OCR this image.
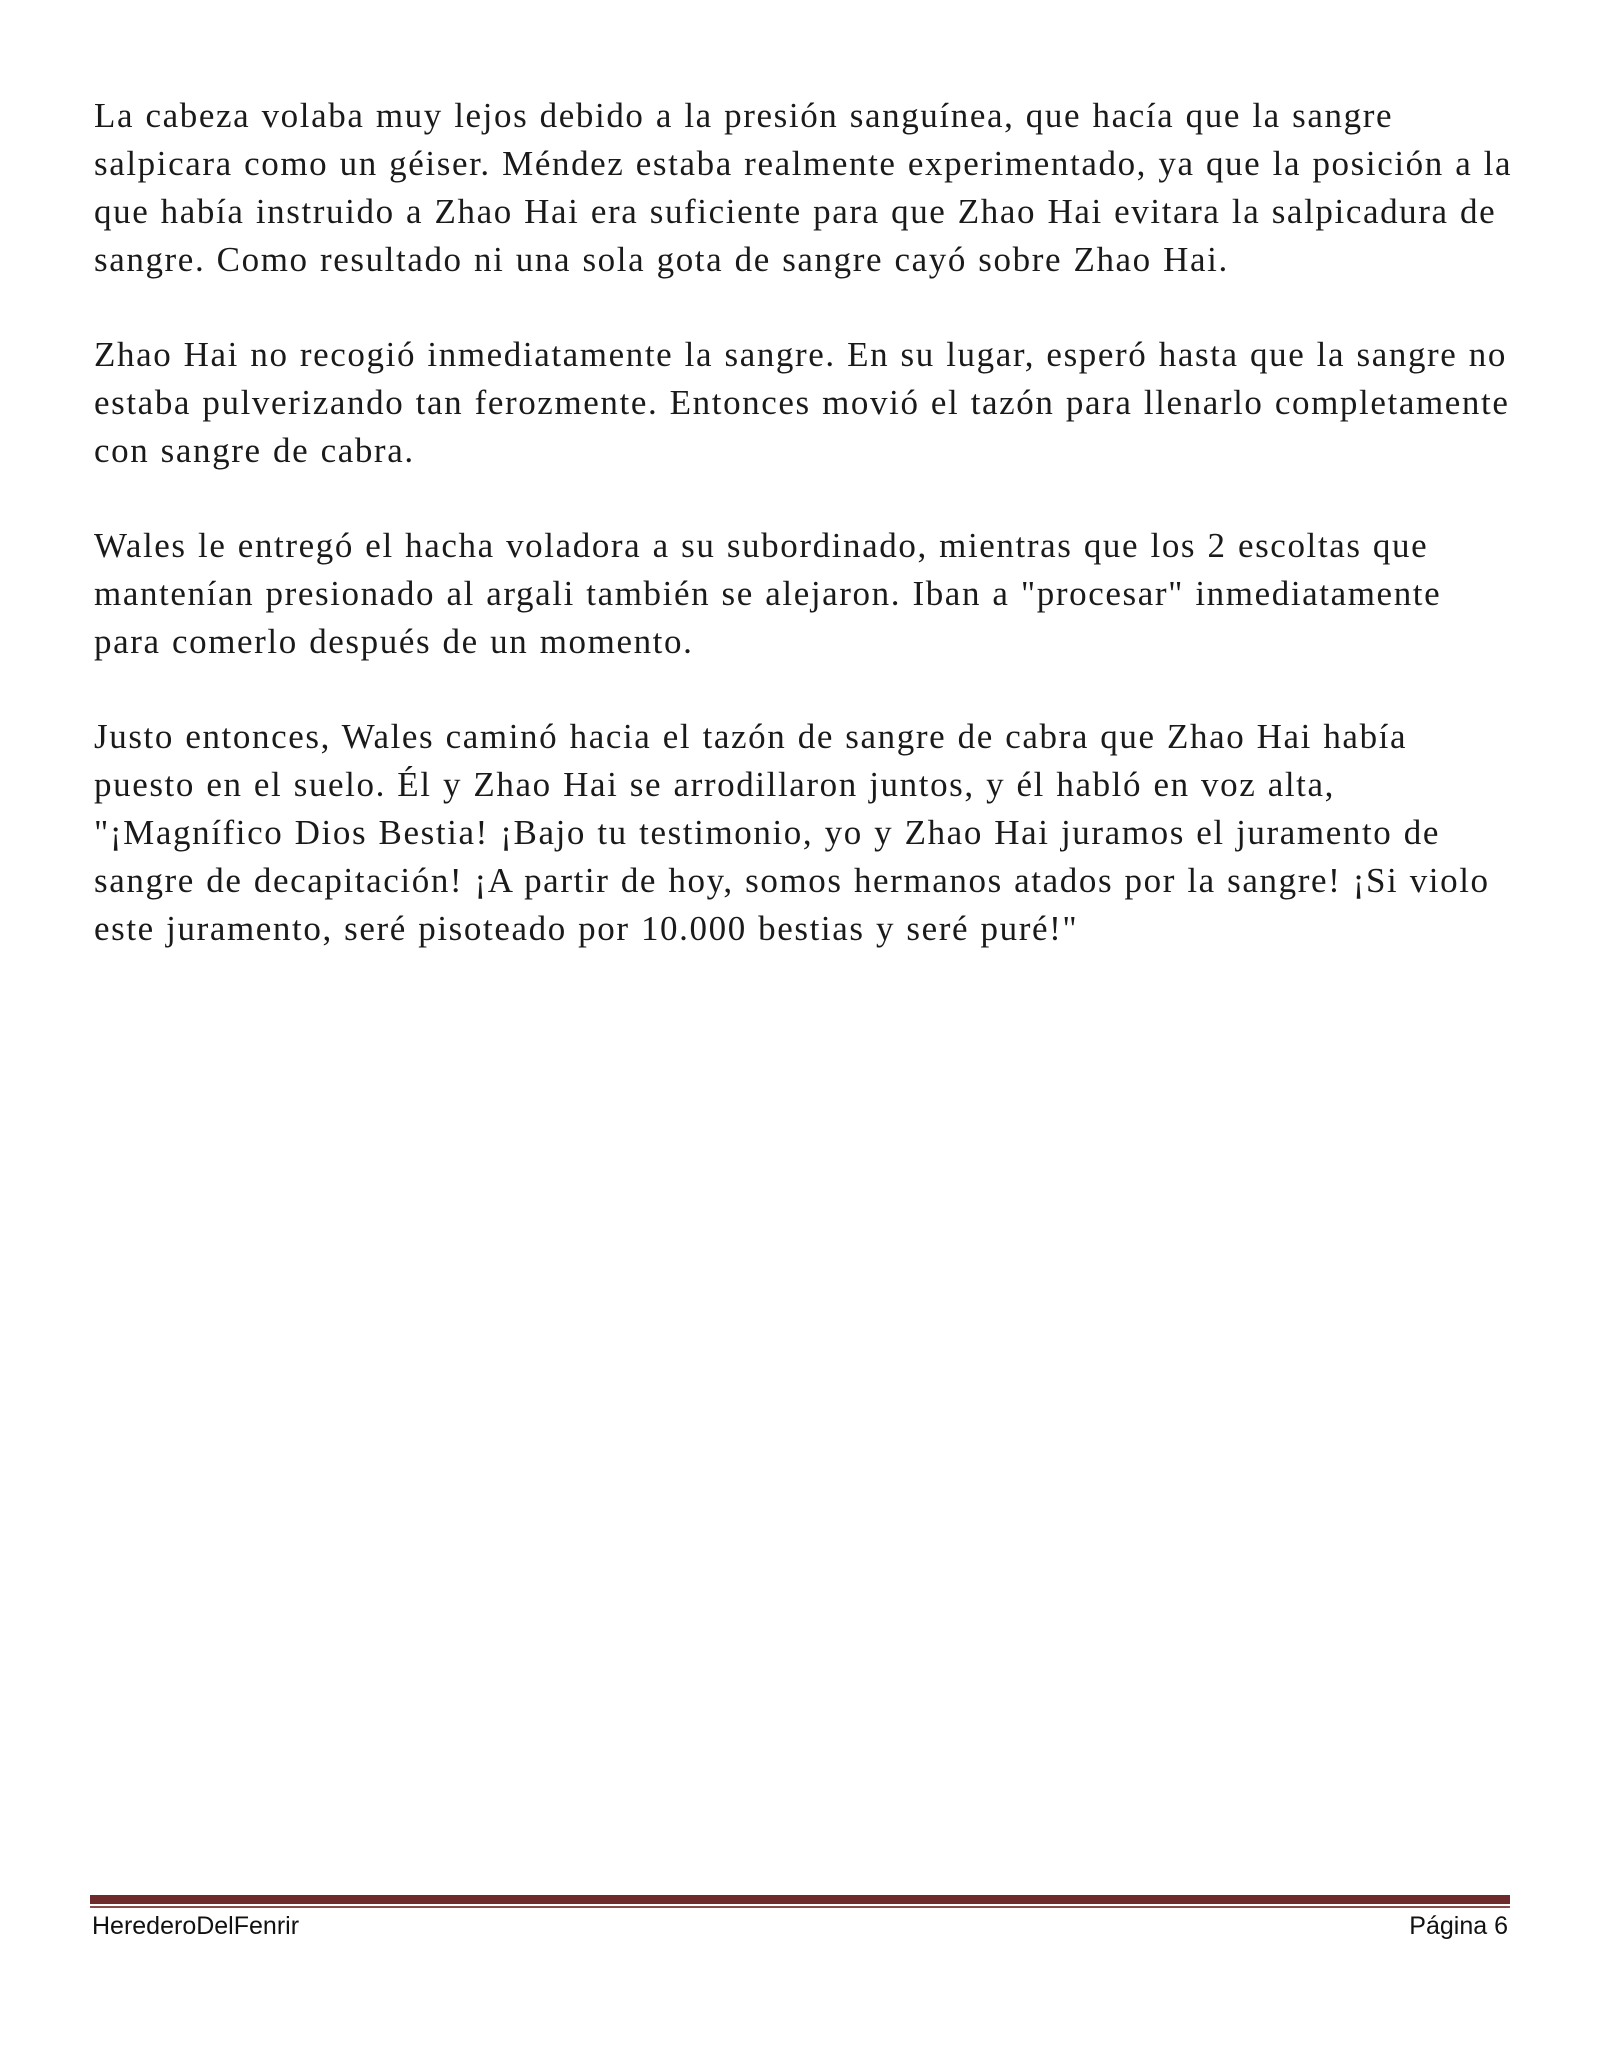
La cabeza volaba muy lejos debido a la presión sanguínea, que hacía que la sangre salpicara como un géiser. Méndez estaba realmente experimentado, ya que la posición a la que había instruido a Zhao Hai era suficiente para que Zhao Hai evitara la salpicadura de sangre. Como resultado ni una sola gota de sangre cayó sobre Zhao Hai.

Zhao Hai no recogió inmediatamente la sangre. En su lugar, esperó hasta que la sangre no estaba pulverizando tan ferozmente. Entonces movió el tazón para llenarlo completamente con sangre de cabra.

Wales le entregó el hacha voladora a su subordinado, mientras que los 2 escoltas que mantenían presionado al argali también se alejaron. Iban a "procesar" inmediatamente para comerlo después de un momento.

Justo entonces, Wales caminó hacia el tazón de sangre de cabra que Zhao Hai había puesto en el suelo. Él y Zhao Hai se arrodillaron juntos, y él habló en voz alta, "¡Magnífico Dios Bestia! ¡Bajo tu testimonio, yo y Zhao Hai juramos el juramento de sangre de decapitación! ¡A partir de hoy, somos hermanos atados por la sangre! ¡Si violo este juramento, seré pisoteado por 10.000 bestias y seré puré!"

HerederoDelFenrir	Página 6
